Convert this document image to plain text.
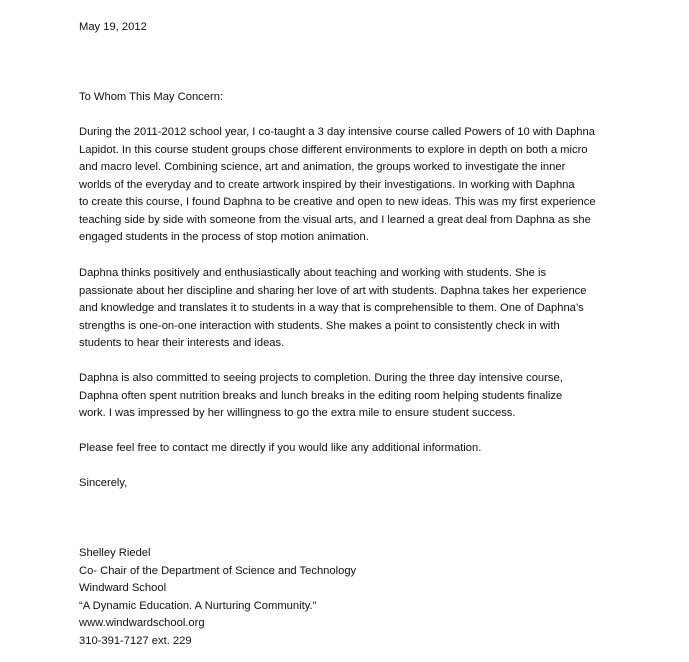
May 19, 2012
To Whom This May Concern:
During the 2011-2012 school year, I co-taught a 3 day intensive course called Powers of 10 with Daphna
Lapidot. In this course student groups chose different environments to explore in depth on both a micro
and macro level. Combining science, art and animation, the groups worked to investigate the inner
worlds of the everyday and to create artwork inspired by their investigations. In working with Daphna
to create this course, I found Daphna to be creative and open to new ideas. This was my first experience
teaching side by side with someone from the visual arts, and I learned a great deal from Daphna as she
engaged students in the process of stop motion animation.
Daphna thinks positively and enthusiastically about teaching and working with students. She is
passionate about her discipline and sharing her love of art with students. Daphna takes her experience
and knowledge and translates it to students in a way that is comprehensible to them. One of Daphna’s
strengths is one-on-one interaction with students. She makes a point to consistently check in with
students to hear their interests and ideas.
Daphna is also committed to seeing projects to completion. During the three day intensive course,
Daphna often spent nutrition breaks and lunch breaks in the editing room helping students finalize
work. I was impressed by her willingness to go the extra mile to ensure student success.
Please feel free to contact me directly if you would like any additional information.
Sincerely,
Shelley Riedel
Co- Chair of the Department of Science and Technology
Windward School
“A Dynamic Education. A Nurturing Community."
www.windwardschool.org
310-391-7127 ext. 229
